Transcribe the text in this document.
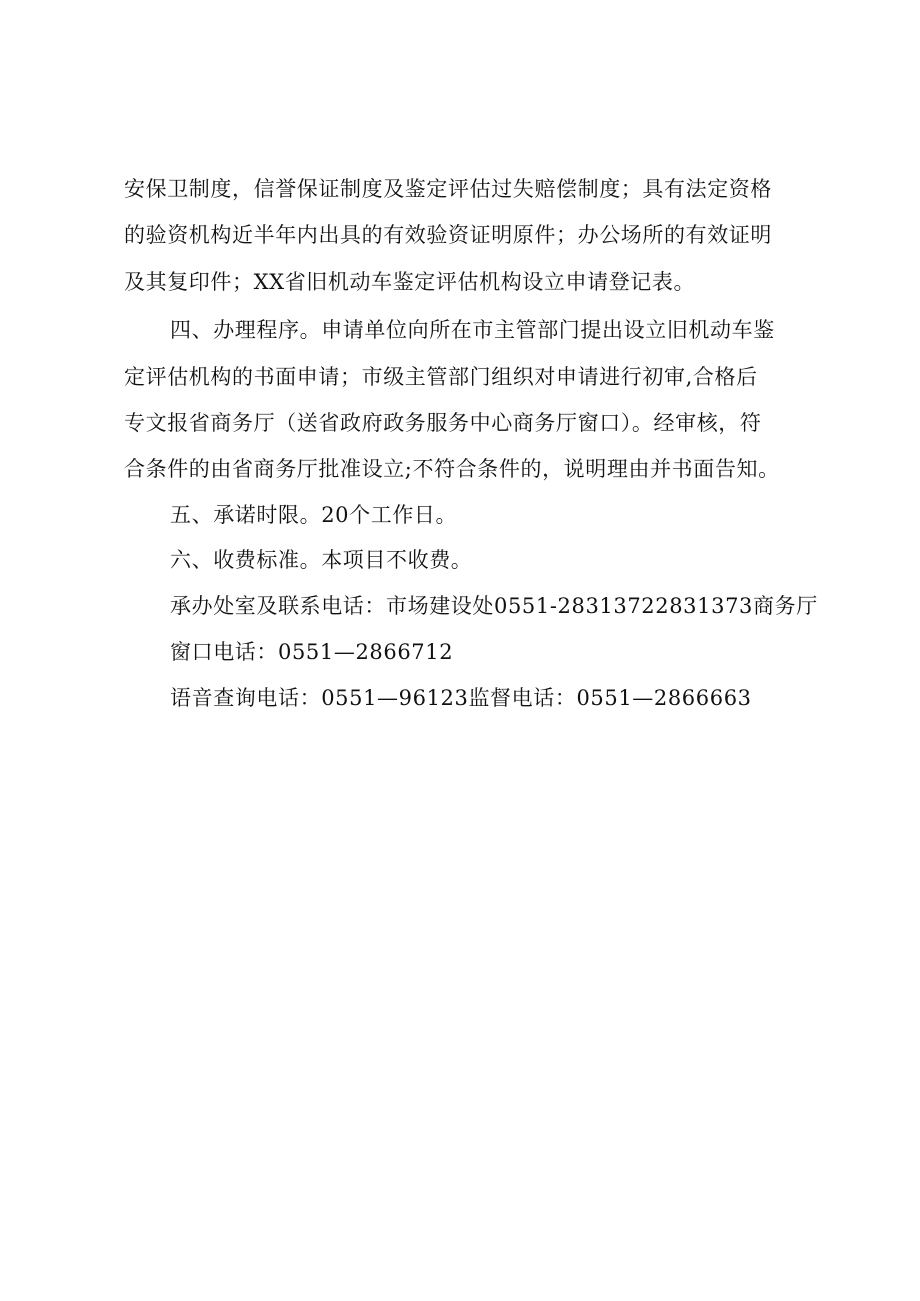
安保卫制度，信誉保证制度及鉴定评估过失赔偿制度；具有法定资格
的验资机构近半年内出具的有效验资证明原件；办公场所的有效证明
及其复印件；XX省旧机动车鉴定评估机构设立申请登记表。
四、办理程序。申请单位向所在市主管部门提出设立旧机动车鉴
定评估机构的书面申请；市级主管部门组织对申请进行初审,合格后
专文报省商务厅（送省政府政务服务中心商务厅窗口）。经审核，符
合条件的由省商务厅批准设立;不符合条件的，说明理由并书面告知。
五、承诺时限。20个工作日。
六、收费标准。本项目不收费。
承办处室及联系电话：市场建设处0551-28313722831373商务厅
窗口电话：0551—2866712
语音查询电话：0551—96123监督电话：0551—2866663
